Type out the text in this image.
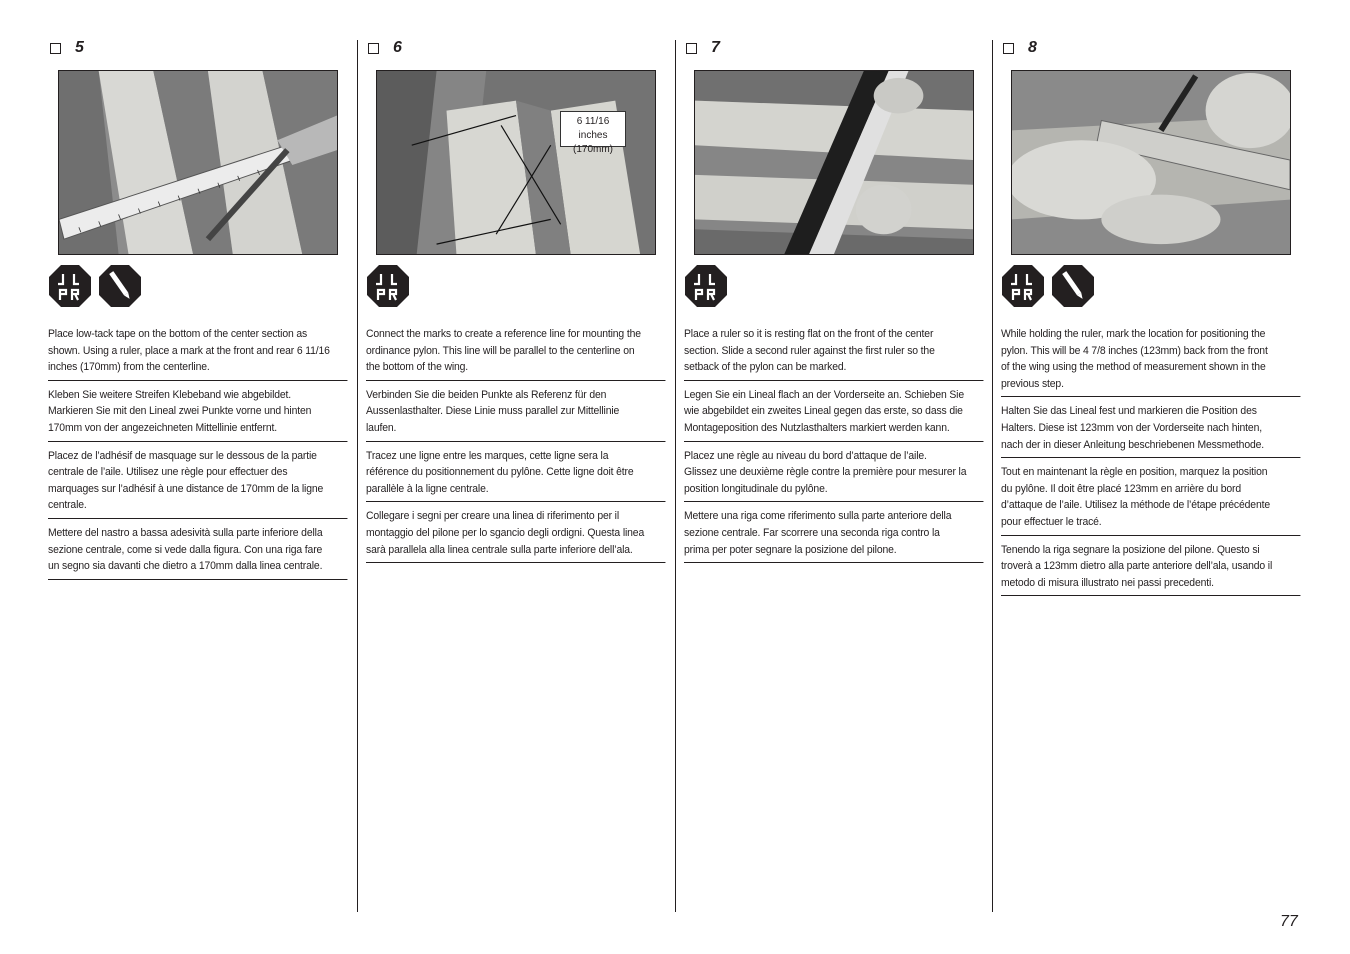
5

Place low-tack tape on the bottom of the center section as
shown. Using a ruler, place a mark at the front and rear 6 11/16
inches (170mm) from the centerline.

Kleben Sie weitere Streifen Klebeband wie abgebildet.
Markieren Sie mit den Lineal zwei Punkte vorne und hinten
170mm von der angezeichneten Mittellinie entfernt.

Placez de l’adhésif de masquage sur le dessous de la partie
centrale de l’aile. Utilisez une règle pour effectuer des
marquages sur l’adhésif à une distance de 170mm de la ligne
centrale.

Mettere del nastro a bassa adesività sulla parte inferiore della
sezione centrale, come si vede dalla figura. Con una riga fare
un segno sia davanti che dietro a 170mm dalla linea centrale.

6
6 11/16 inches
(170mm)

Connect the marks to create a reference line for mounting the
ordinance pylon. This line will be parallel to the centerline on
the bottom of the wing.

Verbinden Sie die beiden Punkte als Referenz für den
Aussenlasthalter. Diese Linie muss parallel zur Mittellinie
laufen.

Tracez une ligne entre les marques, cette ligne sera la
référence du positionnement du pylône. Cette ligne doit être
parallèle à la ligne centrale.

Collegare i segni per creare una linea di riferimento per il
montaggio del pilone per lo sgancio degli ordigni. Questa linea
sarà parallela alla linea centrale sulla parte inferiore dell’ala.

7

Place a ruler so it is resting flat on the front of the center
section. Slide a second ruler against the first ruler so the
setback of the pylon can be marked.

Legen Sie ein Lineal flach an der Vorderseite an. Schieben Sie
wie abgebildet ein zweites Lineal gegen das erste, so dass die
Montageposition des Nutzlasthalters markiert werden kann.

Placez une règle au niveau du bord d’attaque de l’aile.
Glissez une deuxième règle contre la première pour mesurer la
position longitudinale du pylône.

Mettere una riga come riferimento sulla parte anteriore della
sezione centrale. Far scorrere una seconda riga contro la
prima per poter segnare la posizione del pilone.

8

While holding the ruler, mark the location for positioning the
pylon. This will be 4 7/8 inches (123mm) back from the front
of the wing using the method of measurement shown in the
previous step.

Halten Sie das Lineal fest und markieren die Position des
Halters. Diese ist 123mm von der Vorderseite nach hinten,
nach der in dieser Anleitung beschriebenen Messmethode.

Tout en maintenant la règle en position, marquez la position
du pylône. Il doit être placé 123mm en arrière du bord
d’attaque de l’aile. Utilisez la méthode de l’étape précédente
pour effectuer le tracé.

Tenendo la riga segnare la posizione del pilone. Questo si
troverà a 123mm dietro alla parte anteriore dell’ala, usando il
metodo di misura illustrato nei passi precedenti.

77
